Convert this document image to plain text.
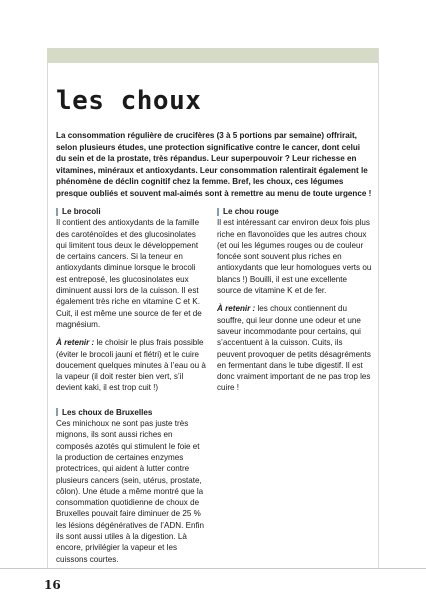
les choux

La consommation régulière de crucifères (3 à 5 portions par semaine) offrirait, selon plusieurs études, une protection significative contre le cancer, dont celui du sein et de la prostate, très répandus. Leur superpouvoir ? Leur richesse en vitamines, minéraux et antioxydants. Leur consommation ralentirait également le phénomène de déclin cognitif chez la femme. Bref, les choux, ces légumes presque oubliés et souvent mal-aimés sont à remettre au menu de toute urgence !

Le brocoli

Il contient des antioxydants de la famille des caroténoïdes et des glucosinolates qui limitent tous deux le développement de certains cancers. Si la teneur en antioxydants diminue lorsque le brocoli est entreposé, les glucosinolates eux diminuent aussi lors de la cuisson. Il est également très riche en vitamine C et K. Cuit, il est même une source de fer et de magnésium.

À retenir : le choisir le plus frais possible (éviter le brocoli jauni et flétri) et le cuire doucement quelques minutes à l’eau ou à la vapeur (il doit rester bien vert, s’il devient kaki, il est trop cuit !)

Les choux de Bruxelles

Ces minichoux ne sont pas juste très mignons, ils sont aussi riches en composés azotés qui stimulent le foie et la production de certaines enzymes protectrices, qui aident à lutter contre plusieurs cancers (sein, utérus, prostate, côlon). Une étude a même montré que la consommation quotidienne de choux de Bruxelles pouvait faire diminuer de 25 % les lésions dégénératives de l’ADN. Enfin ils sont aussi utiles à la digestion. Là encore, privilégier la vapeur et les cuissons courtes.

Le chou rouge

Il est intéressant car environ deux fois plus riche en flavonoïdes que les autres choux (et oui les légumes rouges ou de couleur foncée sont souvent plus riches en antioxydants que leur homologues verts ou blancs !) Bouilli, il est une excellente source de vitamine K et de fer.

À retenir : les choux contiennent du souffre, qui leur donne une odeur et une saveur incommodante pour certains, qui s’accentuent à la cuisson. Cuits, ils peuvent provoquer de petits désagréments en fermentant dans le tube digestif. Il est donc vraiment important de ne pas trop les cuire !

16
